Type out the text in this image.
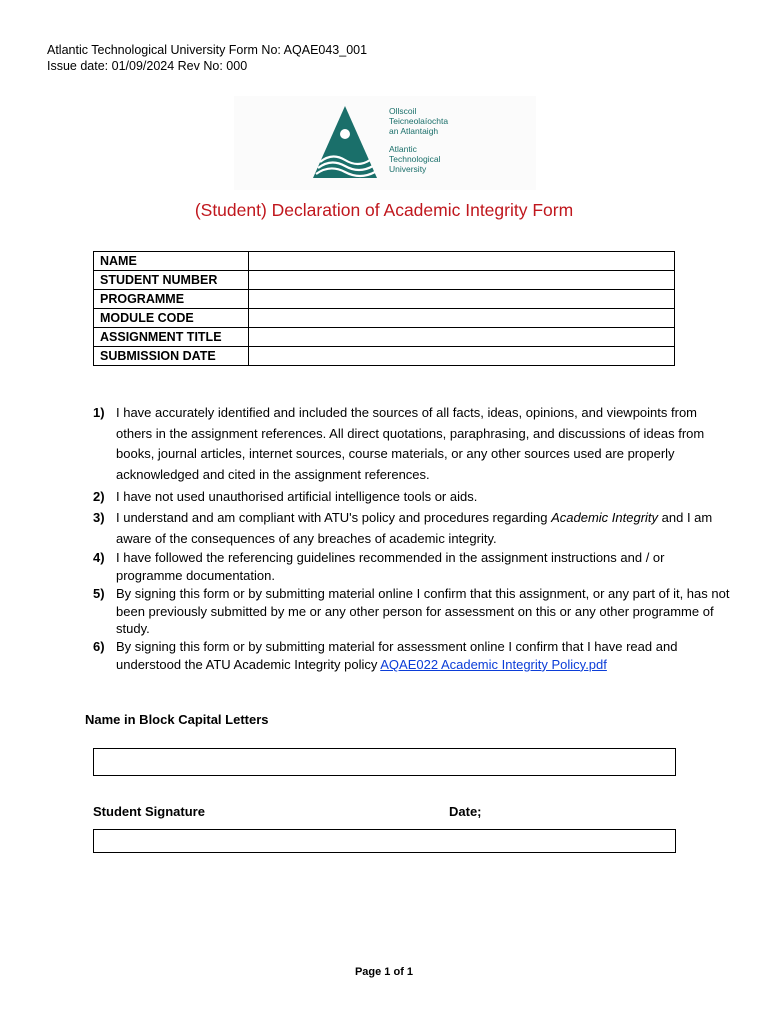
Atlantic Technological University Form No: AQAE043_001
Issue date: 01/09/2024 Rev No: 000
Ollscoil
Teicneolaíochta
an Atlantaigh
Atlantic
Technological
University
(Student) Declaration of Academic Integrity Form
NAME	
STUDENT NUMBER	
PROGRAMME	
MODULE CODE	
ASSIGNMENT TITLE	
SUBMISSION DATE	
1) I have accurately identified and included the sources of all facts, ideas, opinions, and viewpoints from others in the assignment references. All direct quotations, paraphrasing, and discussions of ideas from books, journal articles, internet sources, course materials, or any other sources used are properly acknowledged and cited in the assignment references.
2) I have not used unauthorised artificial intelligence tools or aids.
3) I understand and am compliant with ATU's policy and procedures regarding Academic Integrity and I am aware of the consequences of any breaches of academic integrity.
4) I have followed the referencing guidelines recommended in the assignment instructions and / or programme documentation.
5) By signing this form or by submitting material online I confirm that this assignment, or any part of it, has not been previously submitted by me or any other person for assessment on this or any other programme of study.
6) By signing this form or by submitting material for assessment online I confirm that I have read and understood the ATU Academic Integrity policy AQAE022 Academic Integrity Policy.pdf
Name in Block Capital Letters
Student Signature	Date;
Page 1 of 1
